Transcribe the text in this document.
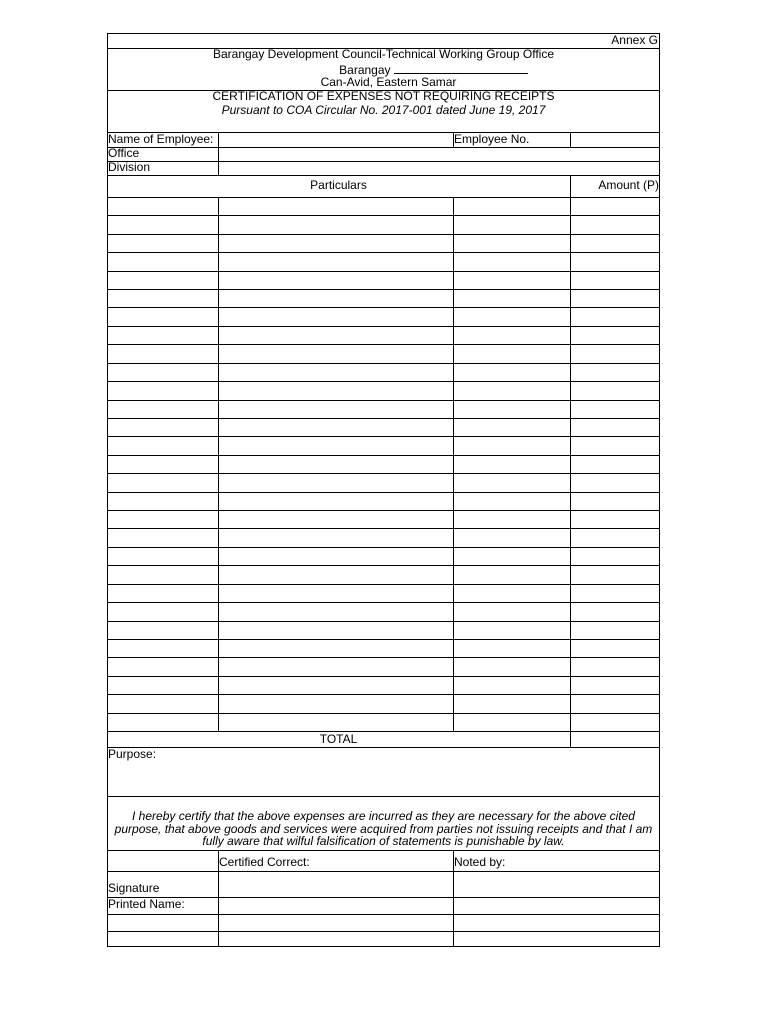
Annex G
Barangay Development Council-Technical Working Group Office
Barangay
Can-Avid, Eastern Samar
CERTIFICATION OF EXPENSES NOT REQUIRING RECEIPTS
Pursuant to COA Circular No. 2017-001 dated June 19, 2017
Name of Employee:	Employee No.
Office
Division
Particulars	Amount (P)
TOTAL
Purpose:
I hereby certify that the above expenses are incurred as they are necessary for the above cited purpose, that above goods and services were acquired from parties not issuing receipts and that I am fully aware that wilful falsification of statements is punishable by law.
Certified Correct:	Noted by:
Signature
Printed Name:
